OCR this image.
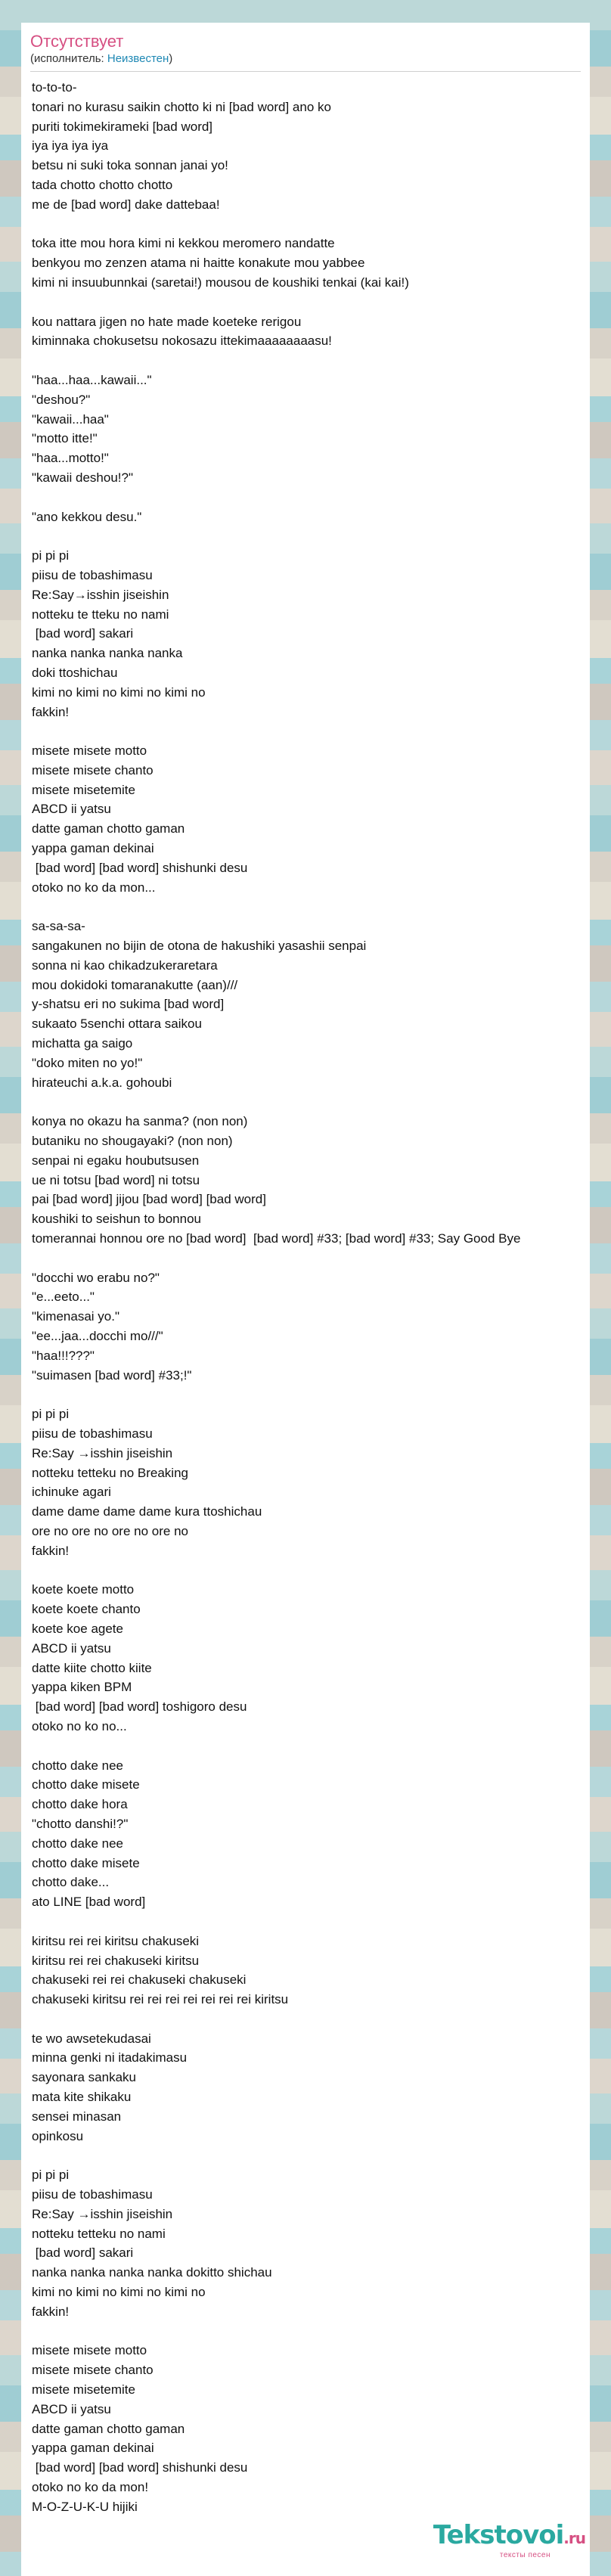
Отсутствует

(исполнитель: Неизвестен)

to-to-to-
tonari no kurasu saikin chotto ki ni [bad word] ano ko
puriti tokimekirameki [bad word]
iya iya iya iya
betsu ni suki toka sonnan janai yo!
tada chotto chotto chotto
me de [bad word] dake dattebaa!

toka itte mou hora kimi ni kekkou meromero nandatte
benkyou mo zenzen atama ni haitte konakute mou yabbee
kimi ni insuubunnkai (saretai!) mousou de koushiki tenkai (kai kai!)

kou nattara jigen no hate made koeteke rerigou
kiminnaka chokusetsu nokosazu ittekimaaaaaaaasu!

"haa...haa...kawaii..."
"deshou?"
"kawaii...haa"
"motto itte!"
"haa...motto!"
"kawaii deshou!?"

"ano kekkou desu."

pi pi pi
piisu de tobashimasu
Re:Say→isshin jiseishin
notteku te tteku no nami
[bad word] sakari
nanka nanka nanka nanka
doki ttoshichau
kimi no kimi no kimi no kimi no
fakkin!

misete misete motto
misete misete chanto
misete misetemite
ABCD ii yatsu
datte gaman chotto gaman
yappa gaman dekinai
[bad word] [bad word] shishunki desu
otoko no ko da mon...

sa-sa-sa-
sangakunen no bijin de otona de hakushiki yasashii senpai
sonna ni kao chikadzukeraretara
mou dokidoki tomaranakutte (aan)///
y-shatsu eri no sukima [bad word]
sukaato 5senchi ottara saikou
michatta ga saigo
"doko miten no yo!"
hirateuchi a.k.a. gohoubi

konya no okazu ha sanma? (non non)
butaniku no shougayaki? (non non)
senpai ni egaku houbutsusen
ue ni totsu [bad word] ni totsu
pai [bad word] jijou [bad word] [bad word]
koushiki to seishun to bonnou
tomerannai honnou ore no [bad word]  [bad word] #33; [bad word] #33; Say Good Bye

"docchi wo erabu no?"
"e...eeto..."
"kimenasai yo."
"ee...jaa...docchi mo///"
"haa!!!???"
"suimasen [bad word] #33;!"

pi pi pi
piisu de tobashimasu
Re:Say →isshin jiseishin
notteku tetteku no Breaking
ichinuke agari
dame dame dame dame kura ttoshichau
ore no ore no ore no ore no
fakkin!

koete koete motto
koete koete chanto
koete koe agete
ABCD ii yatsu
datte kiite chotto kiite
yappa kiken BPM
[bad word] [bad word] toshigoro desu
otoko no ko no...

chotto dake nee
chotto dake misete
chotto dake hora
"chotto danshi!?"
chotto dake nee
chotto dake misete
chotto dake...
ato LINE [bad word]

kiritsu rei rei kiritsu chakuseki
kiritsu rei rei chakuseki kiritsu
chakuseki rei rei chakuseki chakuseki
chakuseki kiritsu rei rei rei rei rei rei rei kiritsu

te wo awsetekudasai
minna genki ni itadakimasu
sayonara sankaku
mata kite shikaku
sensei minasan
opinkosu

pi pi pi
piisu de tobashimasu
Re:Say →isshin jiseishin
notteku tetteku no nami
[bad word] sakari
nanka nanka nanka nanka dokitto shichau
kimi no kimi no kimi no kimi no
fakkin!

misete misete motto
misete misete chanto
misete misetemite
ABCD ii yatsu
datte gaman chotto gaman
yappa gaman dekinai
[bad word] [bad word] shishunki desu
otoko no ko da mon!
M-O-Z-U-K-U hijiki
Tekstovoi.ru
тексты песен
